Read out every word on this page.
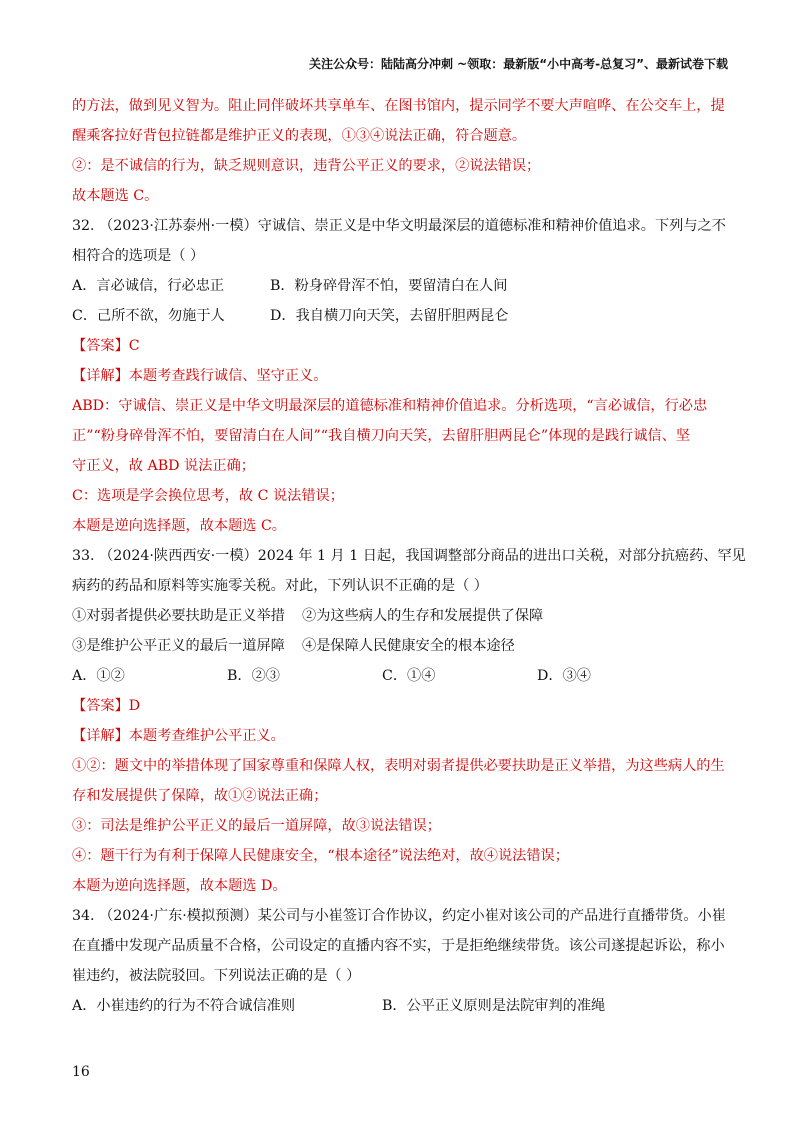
关注公众号：陆陆高分冲刺 ~领取：最新版“小中高考-总复习”、最新试卷下载
的方法，做到见义智为。阻止同伴破坏共享单车、在图书馆内，提示同学不要大声喧哗、在公交车上，提
醒乘客拉好背包拉链都是维护正义的表现，①③④说法正确，符合题意。
②：是不诚信的行为，缺乏规则意识，违背公平正义的要求，②说法错误；
故本题选 C。
32. （2023·江苏泰州·一模）守诚信、崇正义是中华文明最深层的道德标准和精神价值追求。下列与之不
相符合的选项是（ ）
A．言必诚信，行必忠正	B．粉身碎骨浑不怕，要留清白在人间
C．己所不欲，勿施于人	D．我自横刀向天笑，去留肝胆两昆仑
【答案】C
【详解】本题考查践行诚信、坚守正义。
ABD：守诚信、崇正义是中华文明最深层的道德标准和精神价值追求。分析选项，“言必诚信，行必忠
正”“粉身碎骨浑不怕，要留清白在人间”“我自横刀向天笑，去留肝胆两昆仑”体现的是践行诚信、坚
守正义，故 ABD 说法正确；
C：选项是学会换位思考，故 C 说法错误；
本题是逆向选择题，故本题选 C。
33. （2024·陕西西安·一模）2024 年 1 月 1 日起，我国调整部分商品的进出口关税，对部分抗癌药、罕见
病药的药品和原料等实施零关税。对此，下列认识不正确的是（ ）
①对弱者提供必要扶助是正义举措	②为这些病人的生存和发展提供了保障
③是维护公平正义的最后一道屏障	④是保障人民健康安全的根本途径
A．①②	B．②③	C．①④	D．③④
【答案】D
【详解】本题考查维护公平正义。
①②：题文中的举措体现了国家尊重和保障人权，表明对弱者提供必要扶助是正义举措，为这些病人的生
存和发展提供了保障，故①②说法正确；
③：司法是维护公平正义的最后一道屏障，故③说法错误；
④：题干行为有利于保障人民健康安全，“根本途径”说法绝对，故④说法错误；
本题为逆向选择题，故本题选 D。
34. （2024·广东·模拟预测）某公司与小崔签订合作协议，约定小崔对该公司的产品进行直播带货。小崔
在直播中发现产品质量不合格，公司设定的直播内容不实，于是拒绝继续带货。该公司遂提起诉讼，称小
崔违约，被法院驳回。下列说法正确的是（ ）
A．小崔违约的行为不符合诚信准则	B．公平正义原则是法院审判的准绳
16
